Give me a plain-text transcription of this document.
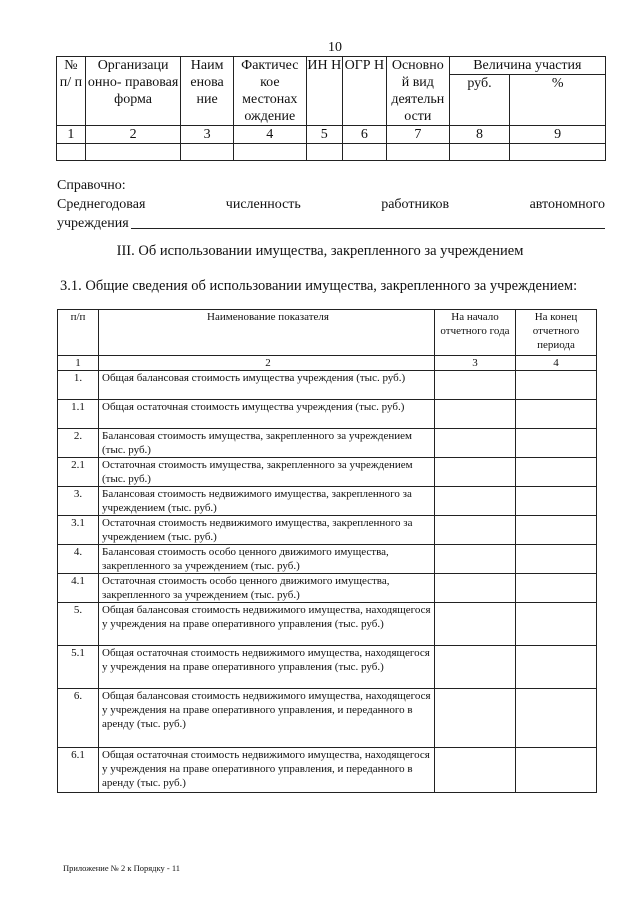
10
№ п/ п	Организаци онно- правовая форма	Наим енова ние	Фактичес кое местонах ождение	ИН Н	ОГР Н	Основно й вид деятельн ости	Величина участия	
							руб.	%
1	2	3	4	5	6	7	8	9

Справочно:
Среднегодовая	численность	работников	автономного
учреждения
III. Об использовании имущества, закрепленного за учреждением
3.1. Общие сведения об использовании имущества, закрепленного за учреждением:
п/п	Наименование показателя	На начало отчетного года	На конец отчетного периода
1	2	3	4
1.	Общая балансовая стоимость имущества учреждения (тыс. руб.)		
1.1	Общая остаточная стоимость имущества учреждения (тыс. руб.)		
2.	Балансовая стоимость имущества, закрепленного за учреждением (тыс. руб.)		
2.1	Остаточная стоимость имущества, закрепленного за учреждением (тыс. руб.)		
3.	Балансовая стоимость недвижимого имущества, закрепленного за учреждением (тыс. руб.)		
3.1	Остаточная стоимость недвижимого имущества, закрепленного за учреждением (тыс. руб.)		
4.	Балансовая стоимость особо ценного движимого имущества, закрепленного за учреждением (тыс. руб.)		
4.1	Остаточная стоимость особо ценного движимого имущества, закрепленного за учреждением (тыс. руб.)		
5.	Общая балансовая стоимость недвижимого имущества, находящегося у учреждения на праве оперативного управления (тыс. руб.)		
5.1	Общая остаточная стоимость недвижимого имущества, находящегося у учреждения на праве оперативного управления (тыс. руб.)		
6.	Общая балансовая стоимость недвижимого имущества, находящегося у учреждения на праве оперативного управления, и переданного в аренду (тыс. руб.)		
6.1	Общая остаточная стоимость недвижимого имущества, находящегося у учреждения на праве оперативного управления, и переданного в аренду (тыс. руб.)		
Приложение № 2 к Порядку - 11
